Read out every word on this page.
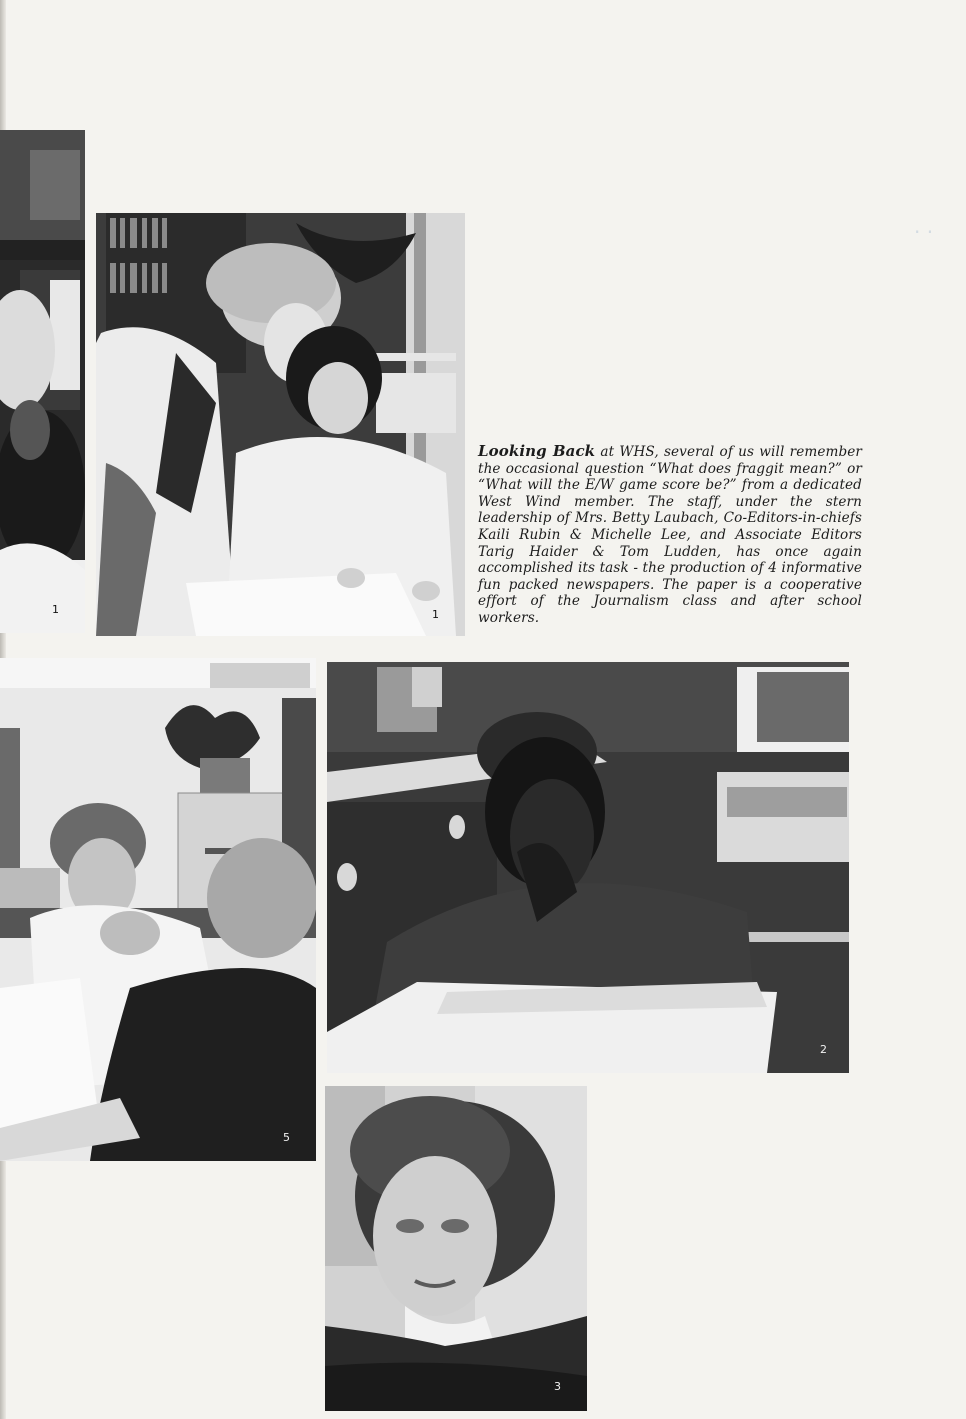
1	1
5
2
3
Looking Back at WHS, several of us will remember the occasional question “What does fraggit mean?” or “What will the E/W game score be?” from a dedicated West Wind member. The staff, under the stern leadership of Mrs. Betty Laubach, Co-Editors-in-chiefs Kaili Rubin & Michelle Lee, and Associate Editors Tarig Haider & Tom Ludden, has once again accomplished its task - the production of 4 informative fun packed newspapers. The paper is a cooperative effort of the Journalism class and after school workers.
· ·
